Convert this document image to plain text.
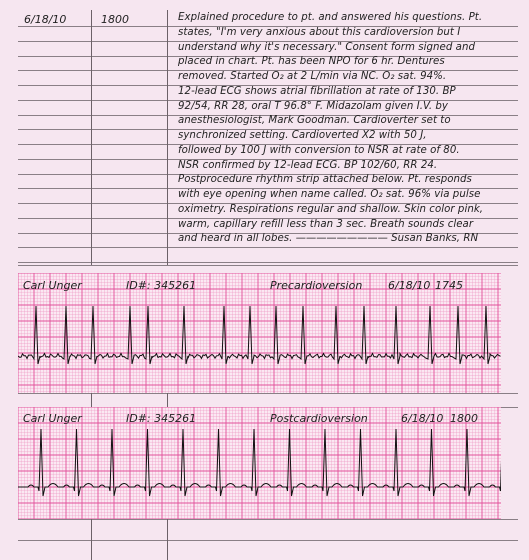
6/18/10	1800	Explained procedure to pt. and answered his questions. Pt.
states, "I'm very anxious about this cardioversion but I
understand why it's necessary." Consent form signed and
placed in chart. Pt. has been NPO for 6 hr. Dentures
removed. Started O₂ at 2 L/min via NC. O₂ sat. 94%.
12-lead ECG shows atrial fibrillation at rate of 130. BP
92/54, RR 28, oral T 96.8° F. Midazolam given I.V. by
anesthesiologist, Mark Goodman. Cardioverter set to
synchronized setting. Cardioverted X2 with 50 J,
followed by 100 J with conversion to NSR at rate of 80.
NSR confirmed by 12-lead ECG. BP 102/60, RR 24.
Postprocedure rhythm strip attached below. Pt. responds
with eye opening when name called. O₂ sat. 96% via pulse
oximetry. Respirations regular and shallow. Skin color pink,
warm, capillary refill less than 3 sec. Breath sounds clear
and heard in all lobes. ————————— Susan Banks, RN
Carl Unger	ID#: 345261	Precardioversion 6/18/10 1745
Carl Unger	ID#: 345261	Postcardioversion	6/18/10 1800
